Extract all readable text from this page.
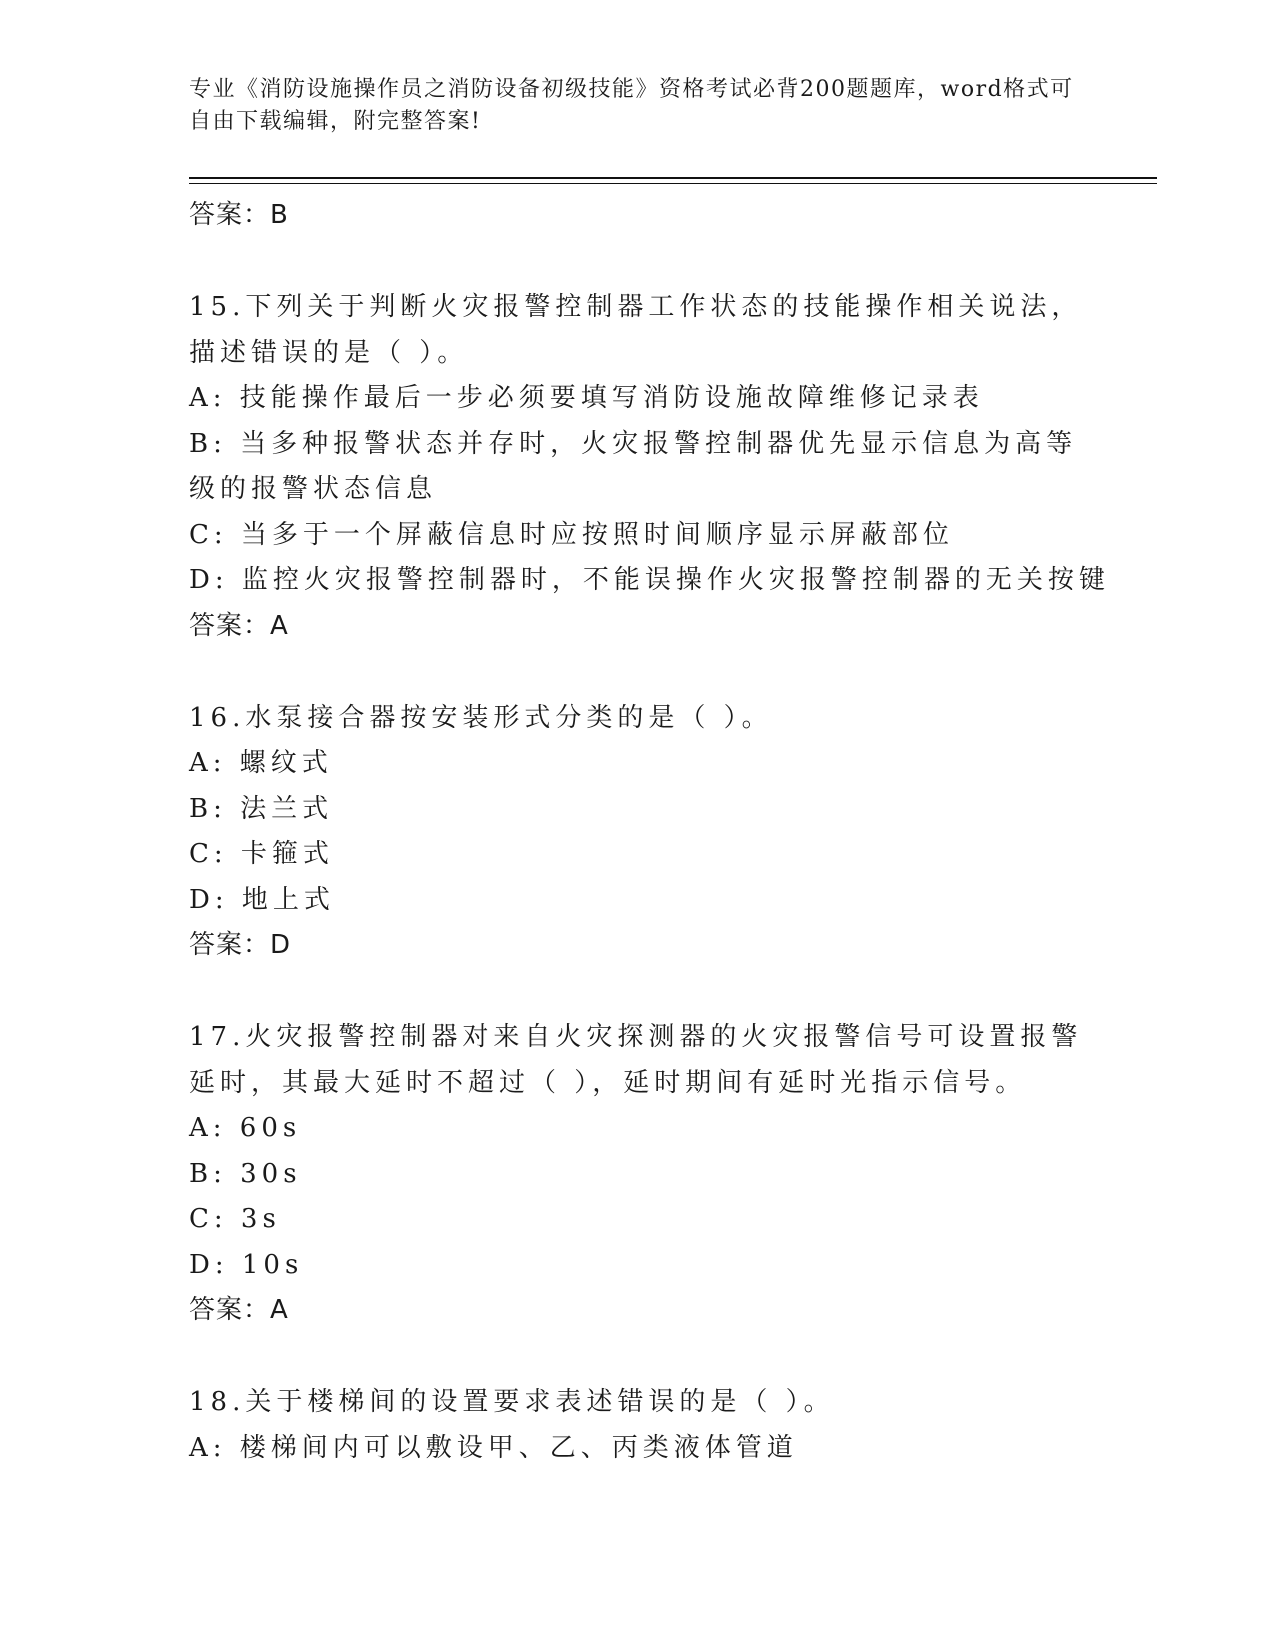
专业《消防设施操作员之消防设备初级技能》资格考试必背200题题库，word格式可自由下载编辑，附完整答案!
答案：B
15.下列关于判断火灾报警控制器工作状态的技能操作相关说法，描述错误的是（ ）。
A: 技能操作最后一步必须要填写消防设施故障维修记录表
B: 当多种报警状态并存时，火灾报警控制器优先显示信息为高等级的报警状态信息
C: 当多于一个屏蔽信息时应按照时间顺序显示屏蔽部位
D: 监控火灾报警控制器时，不能误操作火灾报警控制器的无关按键
答案：A
16.水泵接合器按安装形式分类的是（ ）。
A: 螺纹式
B: 法兰式
C: 卡箍式
D: 地上式
答案：D
17.火灾报警控制器对来自火灾探测器的火灾报警信号可设置报警延时，其最大延时不超过（ ），延时期间有延时光指示信号。
A: 60s
B: 30s
C: 3s
D: 10s
答案：A
18.关于楼梯间的设置要求表述错误的是（ ）。
A: 楼梯间内可以敷设甲、乙、丙类液体管道
